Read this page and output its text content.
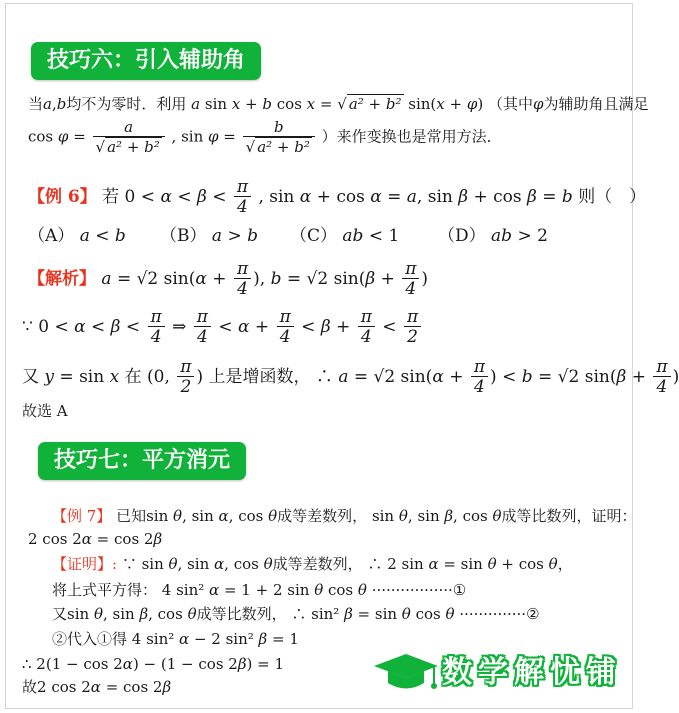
技巧六：引入辅助角
当a,b均不为零时．利用 a sin x + b cos x = √ a² + b² sin(x + φ) （其中φ为辅助角且满足
$\cos \varphi = \frac{a}{\text{√ a² + b²}}$ , $\sin \varphi = \frac{b}{\text{√ a² + b²}}$ ）来作变换也是常用方法．
【例 6】 若 $0 < \alpha < \beta < \frac{\pi}{4}$ , sin α + cos α = a, sin β + cos β = b 则（　）
（A） a < b （B） a > b （C） ab < 1 （D） ab > 2
【解析】 a = √2 $\sin(\alpha + \frac{\pi}{4}$ ), b = √2 $\sin(\beta + \frac{\pi}{4}$ )
∵ $0 < \alpha < \beta < \frac{\pi}{4}$ ⇒ $\frac{\pi}{4} < \alpha + \frac{\pi}{4} < \beta + \frac{\pi}{4} < \frac{\pi}{2}$
又 y = sin x 在 (0, $\frac{\pi}{2}$ ) 上是增函数， ∴ a = √2 $\sin(\alpha + \frac{\pi}{4}$ ) < b = √2 $\sin(\beta + \frac{\pi}{4}$ )
故选 A
技巧七：平方消元
【例 7】 已知sin θ, sin α, cos θ成等差数列， sin θ, sin β, cos θ成等比数列，证明：
2 cos 2α = cos 2β
【证明】: ∵ sin θ, sin α, cos θ成等差数列， ∴ 2 sin α = sin θ + cos θ，
将上式平方得： 4 sin² α = 1 + 2 sin θ cos θ ·················①
又sin θ, sin β, cos θ成等比数列， ∴ sin² β = sin θ cos θ ··············②
②代入①得 4 sin² α − 2 sin² β = 1
∴ 2(1 − cos 2α) − (1 − cos 2β) = 1
故2 cos 2α = cos 2β	数学解忧铺
